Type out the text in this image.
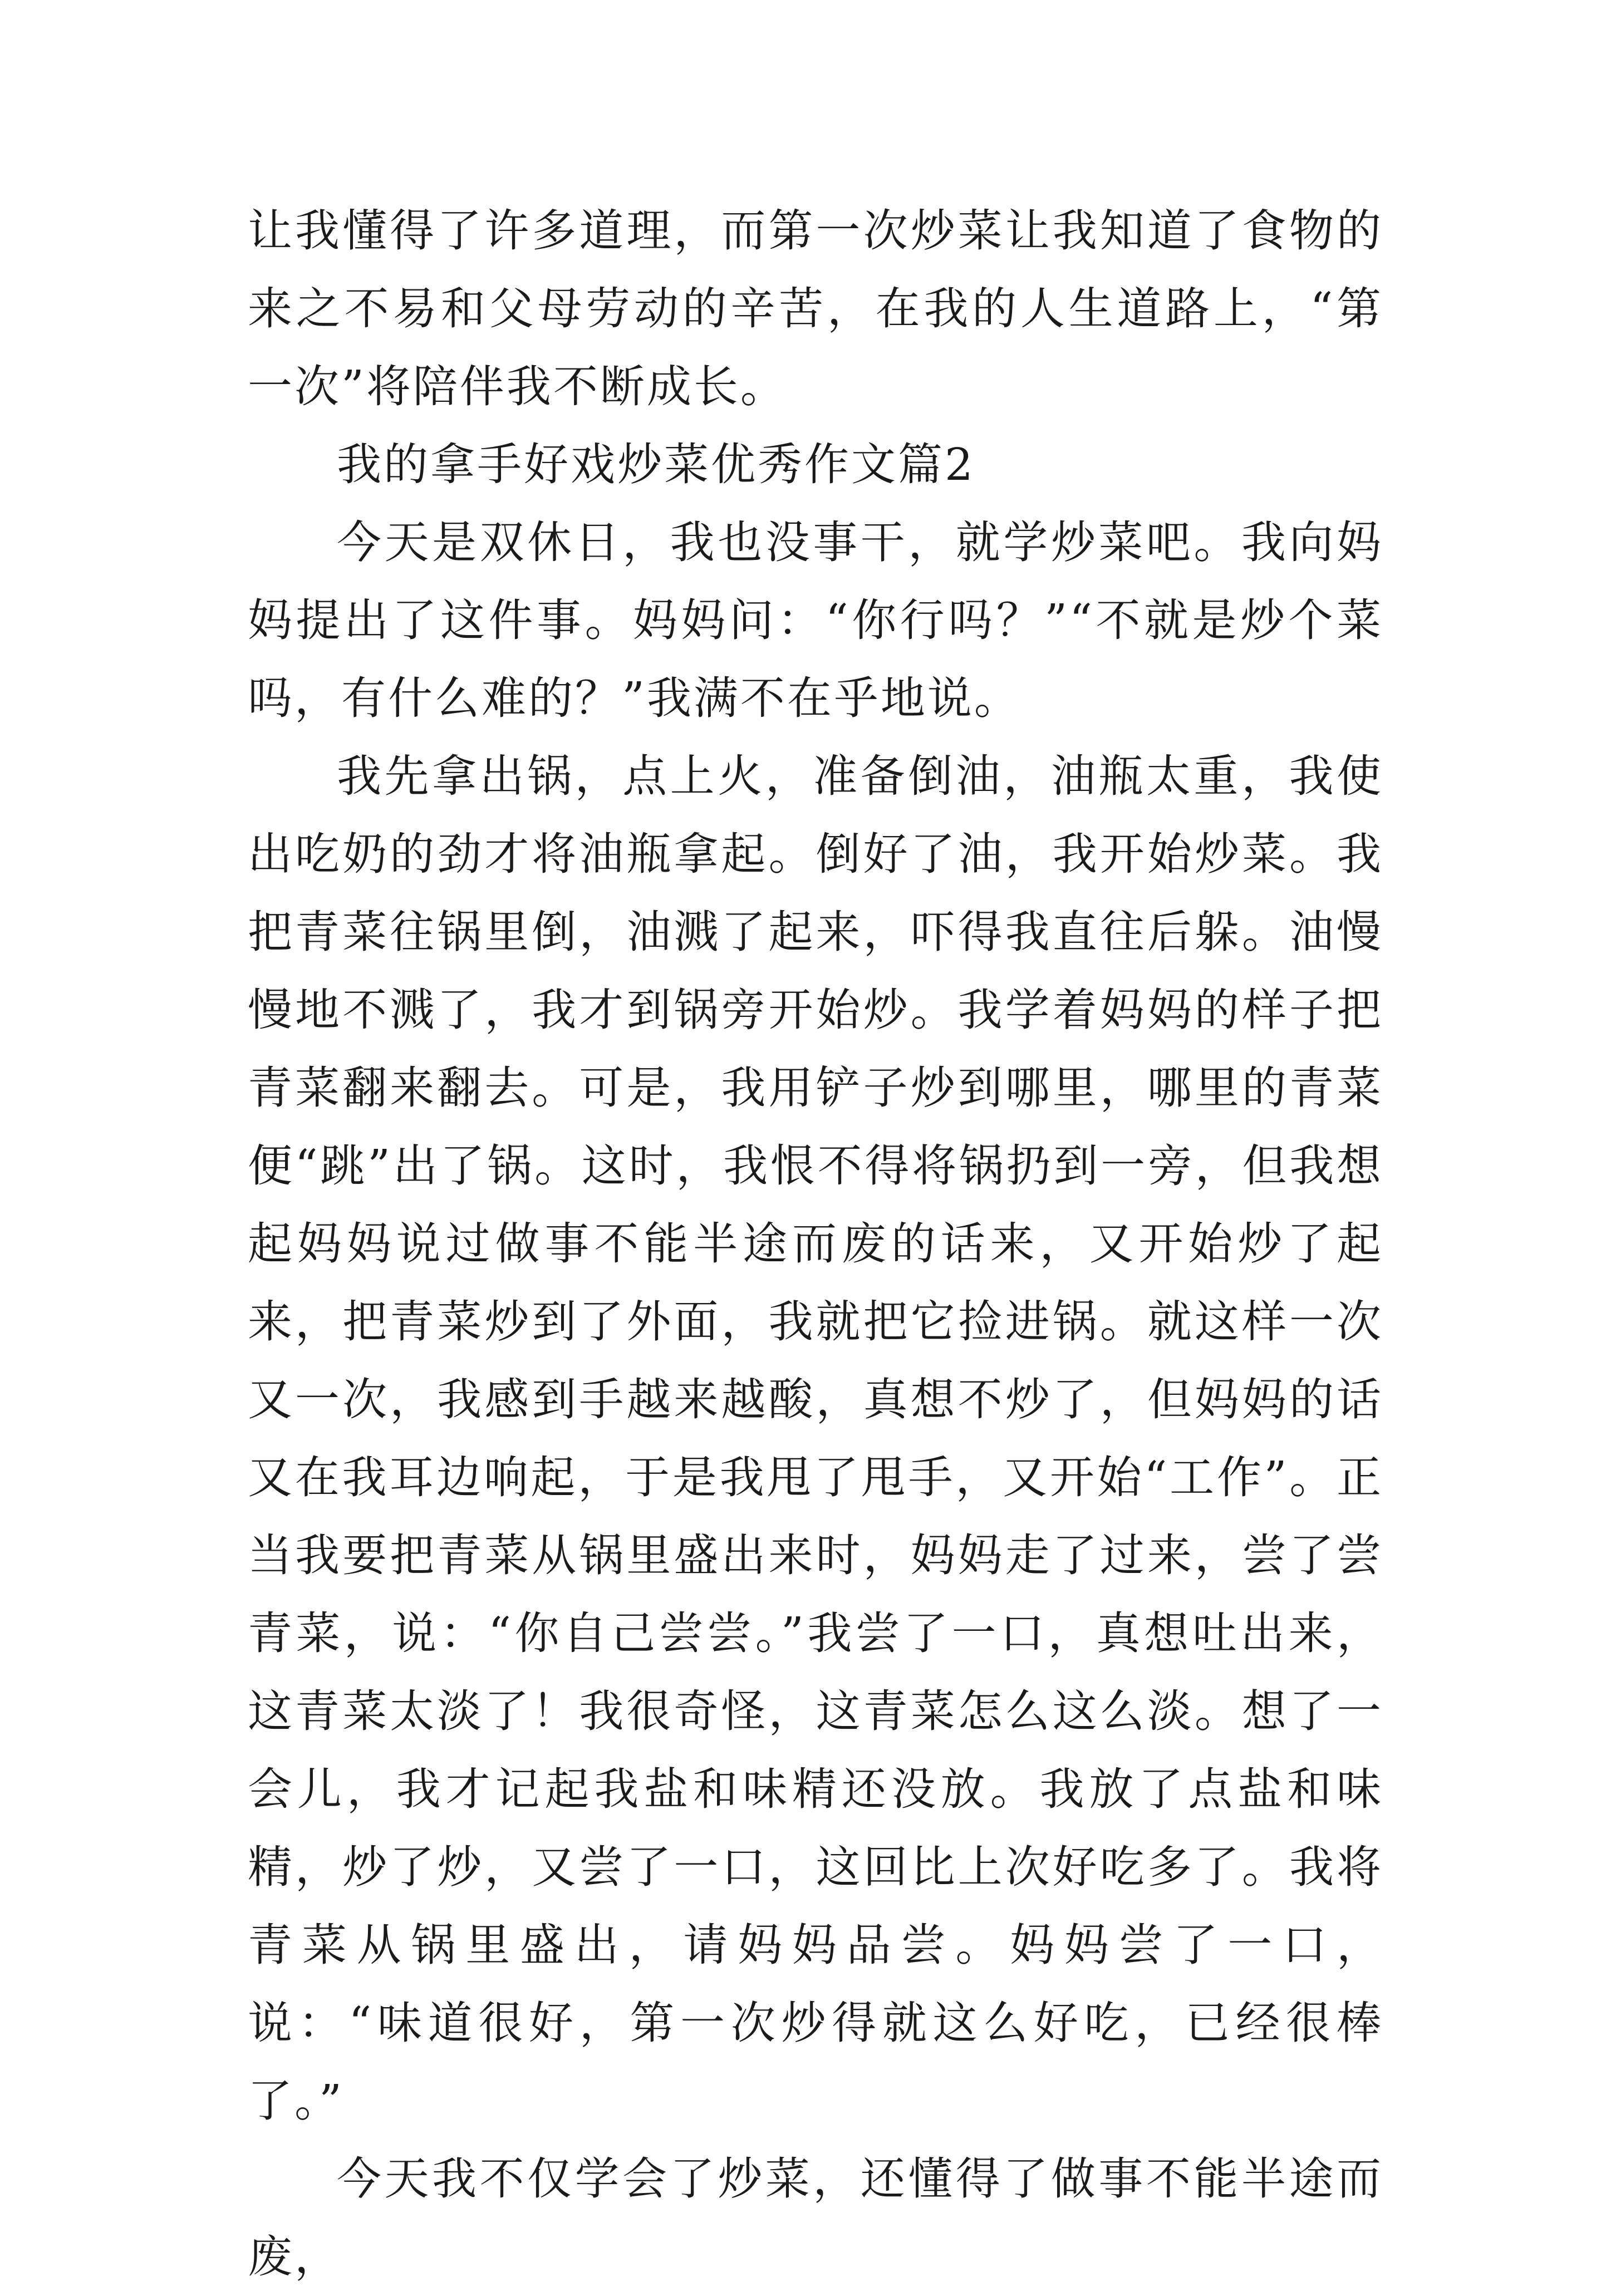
让我懂得了许多道理，而第一次炒菜让我知道了食物的来之不易和父母劳动的辛苦，在我的人生道路上，“第一次”将陪伴我不断成长。

我的拿手好戏炒菜优秀作文篇2

今天是双休日，我也没事干，就学炒菜吧。我向妈妈提出了这件事。妈妈问：“你行吗？”“不就是炒个菜吗，有什么难的？”我满不在乎地说。

我先拿出锅，点上火，准备倒油，油瓶太重，我使出吃奶的劲才将油瓶拿起。倒好了油，我开始炒菜。我把青菜往锅里倒，油溅了起来，吓得我直往后躲。油慢慢地不溅了，我才到锅旁开始炒。我学着妈妈的样子把青菜翻来翻去。可是，我用铲子炒到哪里，哪里的青菜便“跳”出了锅。这时，我恨不得将锅扔到一旁，但我想起妈妈说过做事不能半途而废的话来，又开始炒了起来，把青菜炒到了外面，我就把它捡进锅。就这样一次又一次，我感到手越来越酸，真想不炒了，但妈妈的话又在我耳边响起，于是我甩了甩手，又开始“工作”。正当我要把青菜从锅里盛出来时，妈妈走了过来，尝了尝青菜，说：“你自己尝尝。”我尝了一口，真想吐出来，这青菜太淡了！我很奇怪，这青菜怎么这么淡。想了一会儿，我才记起我盐和味精还没放。我放了点盐和味精，炒了炒，又尝了一口，这回比上次好吃多了。我将青菜从锅里盛出，请妈妈品尝。妈妈尝了一口，说：“味道很好，第一次炒得就这么好吃，已经很棒了。”

今天我不仅学会了炒菜，还懂得了做事不能半途而废，
